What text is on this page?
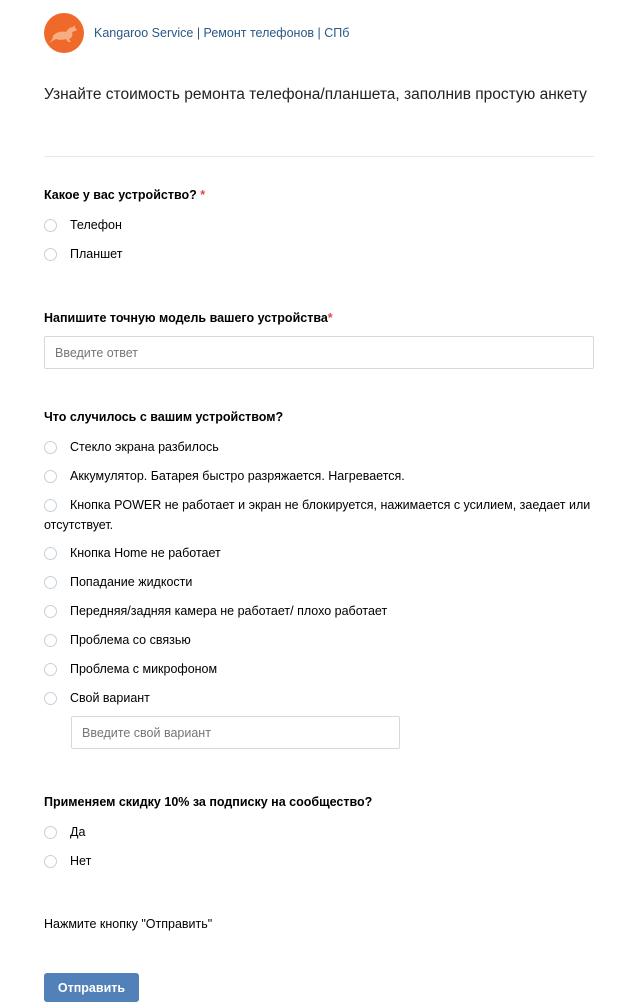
Kangaroo Service | Ремонт телефонов | СПб
Узнайте стоимость ремонта телефона/планшета, заполнив простую анкету
Какое у вас устройство? *
Телефон
Планшет
Напишите точную модель вашего устройства*
Введите ответ
Что случилось с вашим устройством?
Стекло экрана разбилось
Аккумулятор. Батарея быстро разряжается. Нагревается.
Кнопка POWER не работает и экран не блокируется, нажимается с усилием, заедает или отсутствует.
Кнопка Home не работает
Попадание жидкости
Передняя/задняя камера не работает/ плохо работает
Проблема со связью
Проблема с микрофоном
Свой вариант
Введите свой вариант
Применяем скидку 10% за подписку на сообщество?
Да
Нет
Нажмите кнопку "Отправить"
Отправить
